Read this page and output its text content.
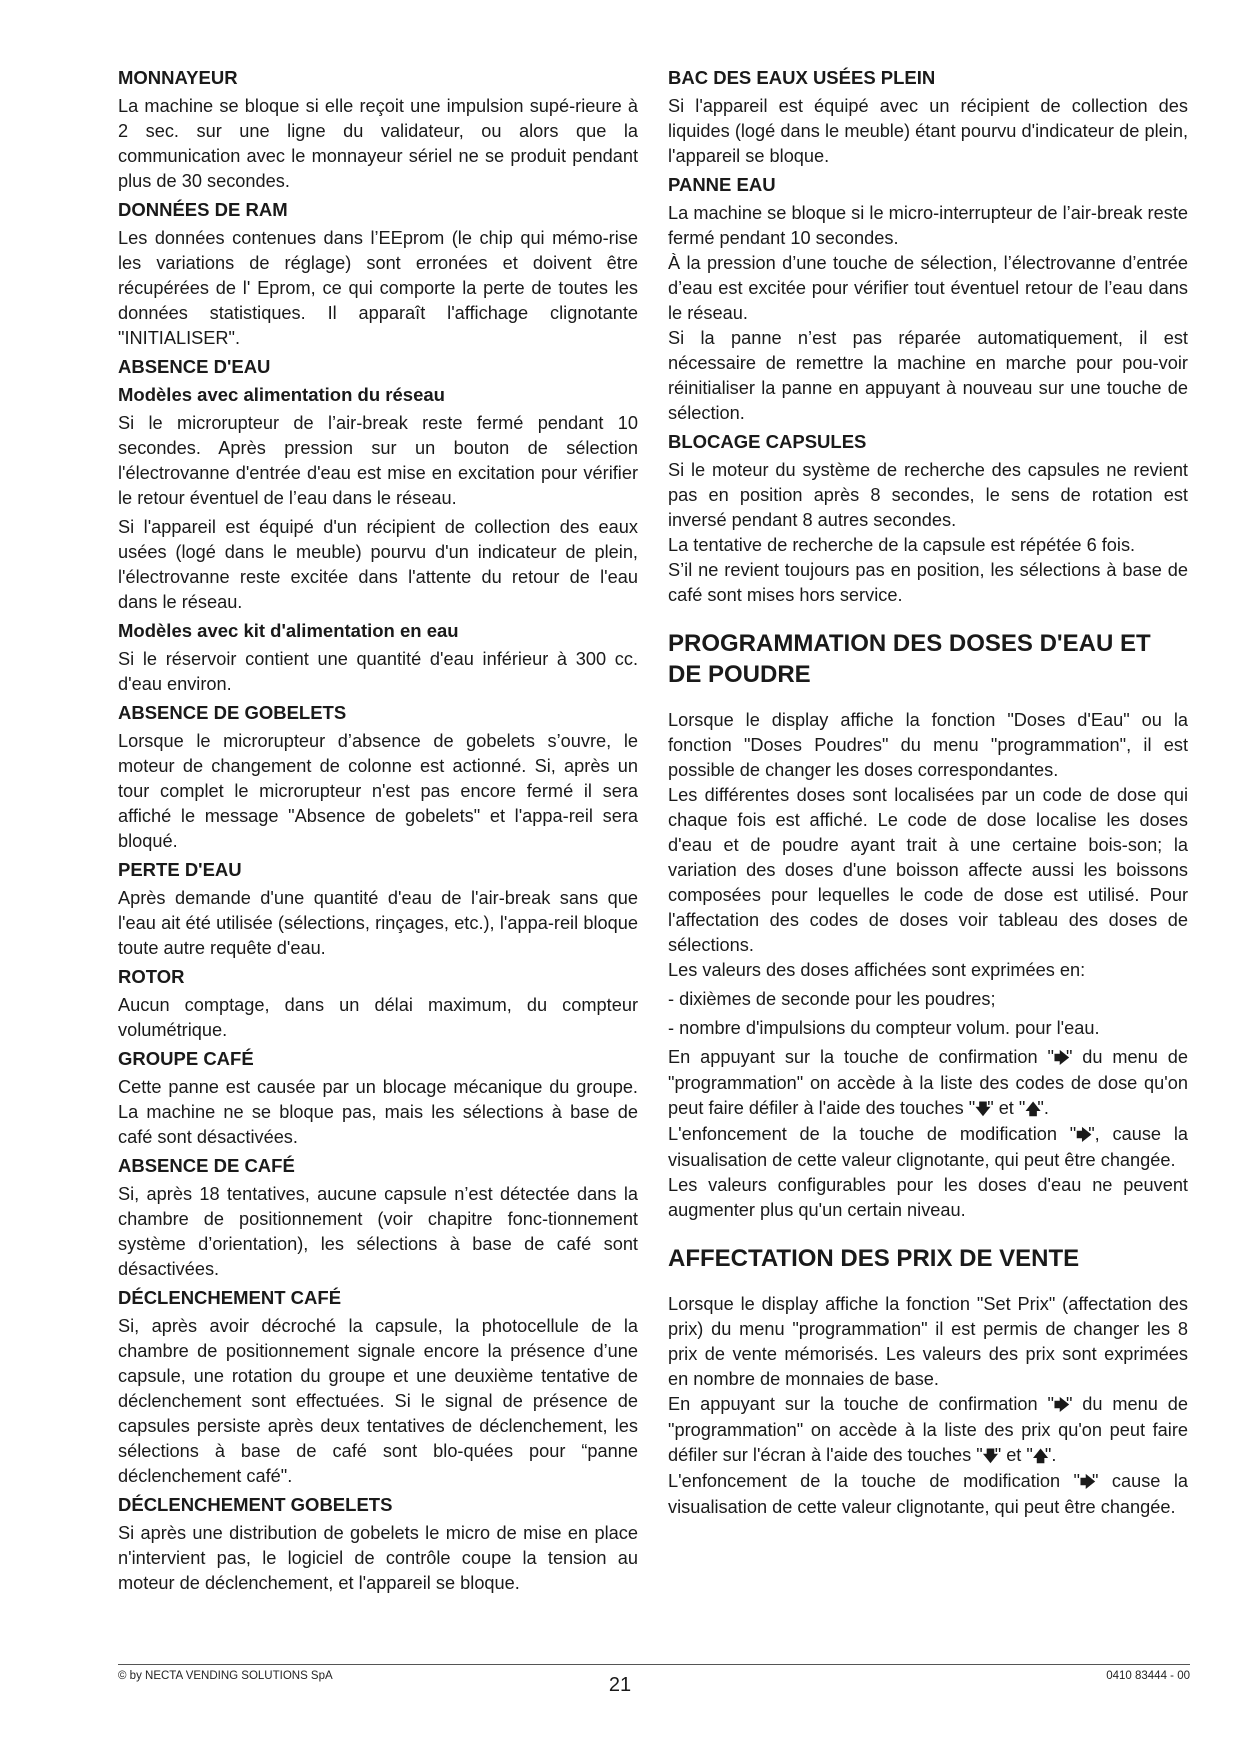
MONNAYEUR
La machine se bloque si elle reçoit une impulsion supé-rieure à 2 sec. sur une ligne du validateur, ou alors que la communication avec le monnayeur sériel ne se produit pendant plus de 30 secondes.
DONNÉES DE RAM
Les données contenues dans l’EEprom (le chip qui mémo-rise les variations de réglage) sont erronées et doivent être récupérées de l' Eprom, ce qui comporte la perte de toutes les données statistiques. Il apparaît l'affichage clignotante "INITIALISER".
ABSENCE D'EAU
Modèles avec alimentation du réseau
Si le microrupteur de l’air-break reste fermé pendant 10 secondes. Après pression sur un bouton de sélection l'électrovanne d'entrée d'eau est mise en excitation pour vérifier le retour éventuel de l’eau dans le réseau.
Si l'appareil est équipé d'un récipient de collection des eaux usées (logé dans le meuble) pourvu d'un indicateur de plein, l'électrovanne reste excitée dans l'attente du retour de l'eau dans le réseau.
Modèles avec kit d'alimentation en eau
Si le réservoir contient une quantité d'eau inférieur à 300 cc. d'eau environ.
ABSENCE DE GOBELETS
Lorsque le microrupteur d’absence de gobelets s’ouvre, le moteur de changement de colonne est actionné. Si, après un tour complet le microrupteur n'est pas encore fermé il sera affiché le message "Absence de gobelets" et l'appa-reil sera bloqué.
PERTE D'EAU
Après demande d'une quantité d'eau de l'air-break sans que l'eau ait été utilisée (sélections, rinçages, etc.), l'appa-reil bloque toute autre requête d'eau.
ROTOR
Aucun comptage, dans un délai maximum, du compteur volumétrique.
GROUPE CAFÉ
Cette panne est causée par un blocage mécanique du groupe. La machine ne se bloque pas, mais les sélections à base de café sont désactivées.
ABSENCE DE CAFÉ
Si, après 18 tentatives, aucune capsule n’est détectée dans la chambre de positionnement (voir chapitre fonc-tionnement système d’orientation), les sélections à base de café sont désactivées.
DÉCLENCHEMENT CAFÉ
Si, après avoir décroché la capsule, la photocellule de la chambre de positionnement signale encore la présence d’une capsule, une rotation du groupe et une deuxième tentative de déclenchement sont effectuées. Si le signal de présence de capsules persiste après deux tentatives de déclenchement, les sélections à base de café sont blo-quées pour “panne déclenchement café".
DÉCLENCHEMENT GOBELETS
Si après une distribution de gobelets le micro de mise en place n'intervient pas, le logiciel de contrôle coupe la tension au moteur de déclenchement, et l'appareil se bloque.
BAC DES EAUX USÉES PLEIN
Si l'appareil est équipé avec un récipient de collection des liquides (logé dans le meuble) étant pourvu d'indicateur de plein, l'appareil se bloque.
PANNE EAU
La machine se bloque si le micro-interrupteur de l’air-break reste fermé pendant 10 secondes.
À la pression d’une touche de sélection, l’électrovanne d’entrée d’eau est excitée pour vérifier tout éventuel retour de l’eau dans le réseau.
Si la panne n’est pas réparée automatiquement, il est nécessaire de remettre la machine en marche pour pou-voir réinitialiser la panne en appuyant à nouveau sur une touche de sélection.
BLOCAGE CAPSULES
Si le moteur du système de recherche des capsules ne revient pas en position après 8 secondes, le sens de rotation est inversé pendant 8 autres secondes.
La tentative de recherche de la capsule est répétée 6 fois.
S’il ne revient toujours pas en position, les sélections à base de café sont mises hors service.
PROGRAMMATION DES DOSES D'EAU ET DE POUDRE
Lorsque le display affiche la fonction "Doses d'Eau" ou la fonction "Doses Poudres" du menu "programmation", il est possible de changer les doses correspondantes.
Les différentes doses sont localisées par un code de dose qui chaque fois est affiché. Le code de dose localise les doses d'eau et de poudre ayant trait à une certaine bois-son; la variation des doses d'une boisson affecte aussi les boissons composées pour lequelles le code de dose est utilisé. Pour l'affectation des codes de doses voir tableau des doses de sélections.
Les valeurs des doses affichées sont exprimées en:
- dixièmes de seconde pour les poudres;
- nombre d'impulsions du compteur volum. pour l'eau.
En appuyant sur la touche de confirmation "🡆" du menu de "programmation" on accède à la liste des codes de dose qu'on peut faire défiler à l'aide des touches "🡇" et "🡅".
L'enfoncement de la touche de modification "🡆", cause la visualisation de cette valeur clignotante, qui peut être changée.
Les valeurs configurables pour les doses d'eau ne peuvent augmenter plus qu'un certain niveau.
AFFECTATION DES PRIX DE VENTE
Lorsque le display affiche la fonction "Set Prix" (affectation des prix) du menu "programmation" il est permis de changer les 8 prix de vente mémorisés. Les valeurs des prix sont exprimées en nombre de monnaies de base.
En appuyant sur la touche de confirmation "🡆" du menu de "programmation" on accède à la liste des prix qu'on peut faire défiler sur l'écran à l'aide des touches "🡇" et "🡅".
L'enfoncement de la touche de modification "🡆" cause la visualisation de cette valeur clignotante, qui peut être changée.
© by NECTA VENDING SOLUTIONS SpA	21	0410 83444 - 00
